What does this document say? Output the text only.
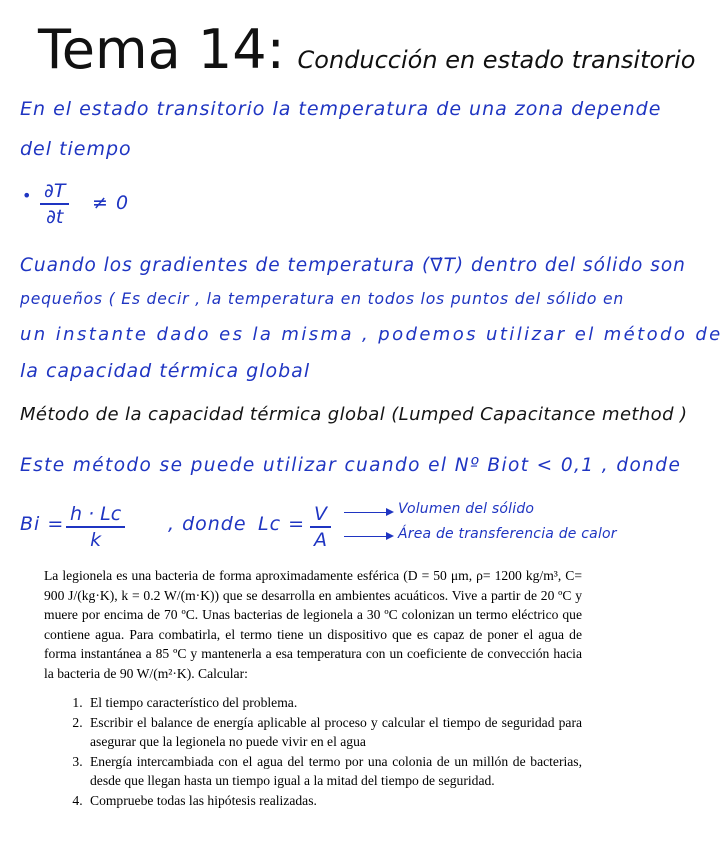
Tema 14: Conducción en estado transitorio
En el estado transitorio la temperatura de una zona depende
del tiempo
• $\frac{\partial T}{\partial t} \ne 0$
Cuando los gradientes de temperatura (∇⃗T) dentro del sólido son
pequeños ( Es decir , la temperatura en todos los puntos del sólido en
un instante dado es la misma , podemos utilizar el método de
la capacidad térmica global
Método de la capacidad térmica global (Lumped Capacitance method )
Este método se puede utilizar cuando el Nº Biot < 0,1 , donde
$Bi = \frac{h \cdot Lc}{k}$ , donde $Lc = \frac{V}{A}$	Volumen del sólido
Área de transferencia de calor

La legionela es una bacteria de forma aproximadamente esférica (D = 50 μm, ρ= 1200 kg/m³, C= 900 J/(kg·K), k = 0.2 W/(m·K)) que se desarrolla en ambientes acuáticos. Vive a partir de 20 ºC y muere por encima de 70 ºC. Unas bacterias de legionela a 30 ºC colonizan un termo eléctrico que contiene agua. Para combatirla, el termo tiene un dispositivo que es capaz de poner el agua de forma instantánea a 85 ºC y mantenerla a esa temperatura con un coeficiente de convección hacia la bacteria de 90 W/(m²·K). Calcular:

1. El tiempo característico del problema.
2. Escribir el balance de energía aplicable al proceso y calcular el tiempo de seguridad para asegurar que la legionela no puede vivir en el agua
3. Energía intercambiada con el agua del termo por una colonia de un millón de bacterias, desde que llegan hasta un tiempo igual a la mitad del tiempo de seguridad.
4. Compruebe todas las hipótesis realizadas.
